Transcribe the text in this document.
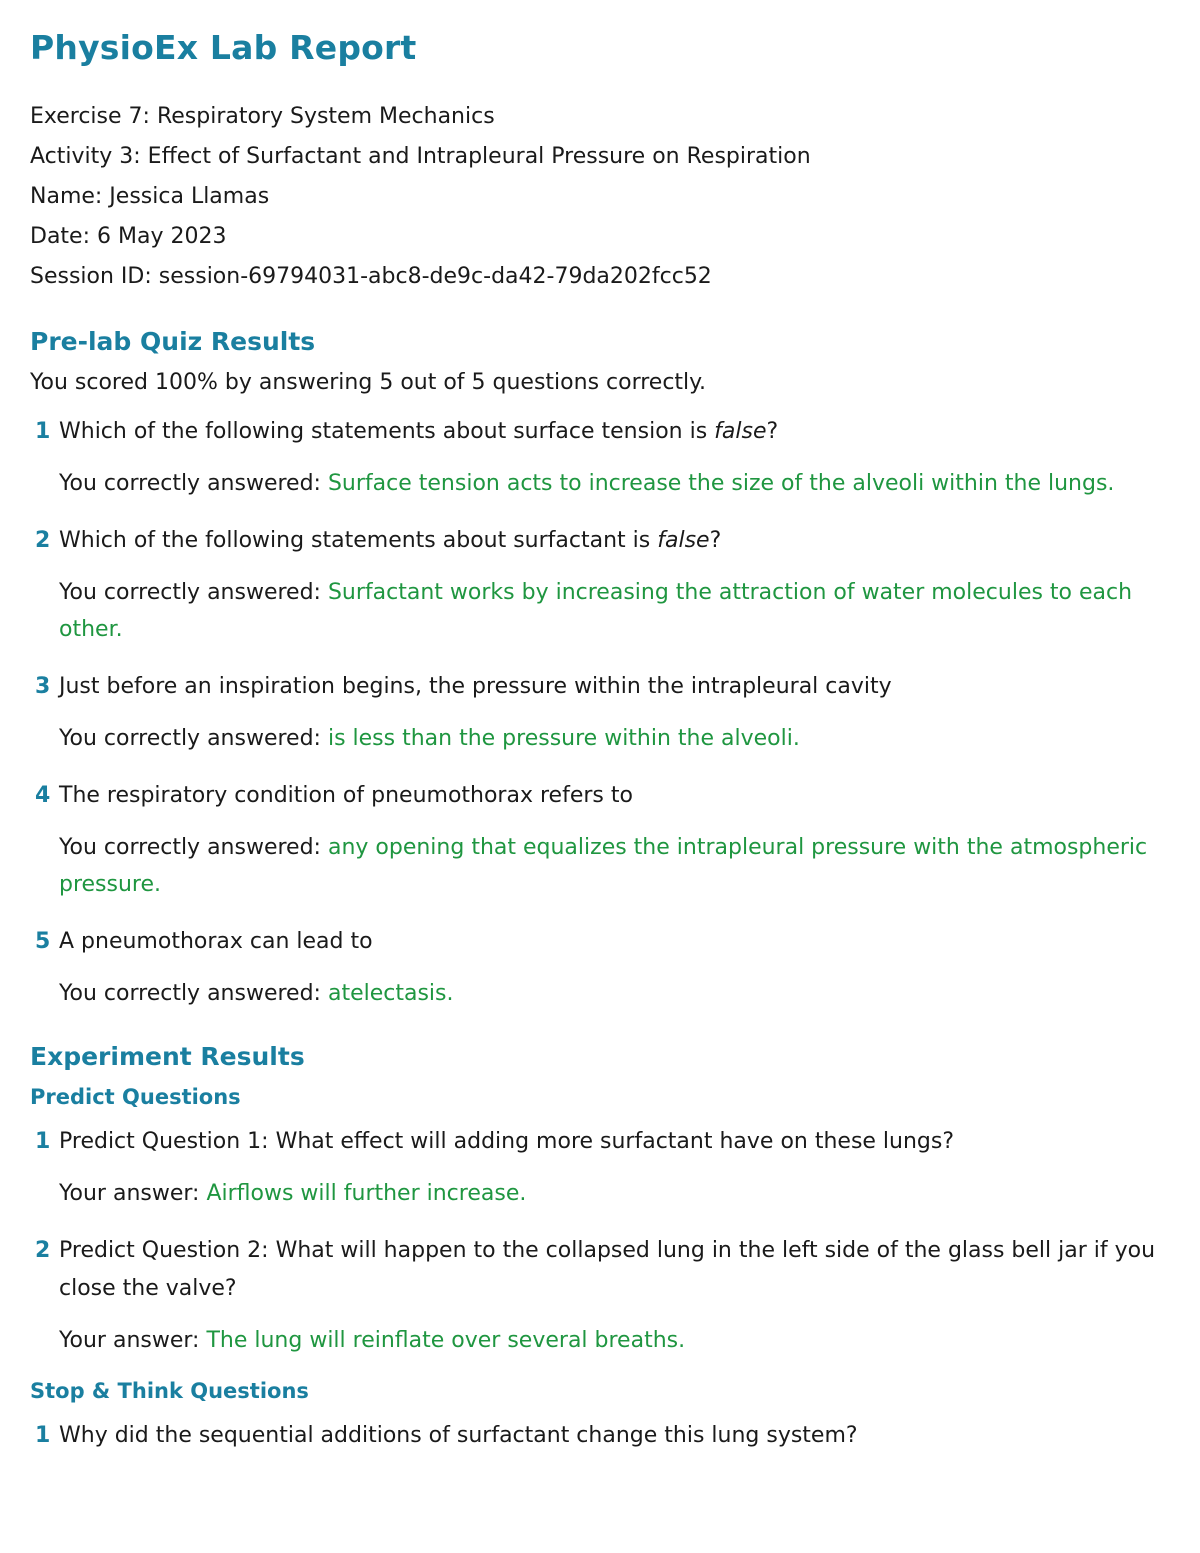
PhysioEx Lab Report

Exercise 7: Respiratory System Mechanics

Activity 3: Effect of Surfactant and Intrapleural Pressure on Respiration

Name: Jessica Llamas

Date: 6 May 2023

Session ID: session-69794031-abc8-de9c-da42-79da202fcc52

Pre-lab Quiz Results

You scored 100% by answering 5 out of 5 questions correctly.

1 Which of the following statements about surface tension is false?
You correctly answered: Surface tension acts to increase the size of the alveoli within the lungs.
2 Which of the following statements about surfactant is false?
You correctly answered: Surfactant works by increasing the attraction of water molecules to each other.
3 Just before an inspiration begins, the pressure within the intrapleural cavity
You correctly answered: is less than the pressure within the alveoli.
4 The respiratory condition of pneumothorax refers to
You correctly answered: any opening that equalizes the intrapleural pressure with the atmospheric pressure.
5 A pneumothorax can lead to
You correctly answered: atelectasis.
Experiment Results
Predict Questions
1 Predict Question 1: What effect will adding more surfactant have on these lungs?
Your answer: Airflows will further increase.
2 Predict Question 2: What will happen to the collapsed lung in the left side of the glass bell jar if you close the valve?
Your answer: The lung will reinflate over several breaths.
Stop & Think Questions
1 Why did the sequential additions of surfactant change this lung system?
